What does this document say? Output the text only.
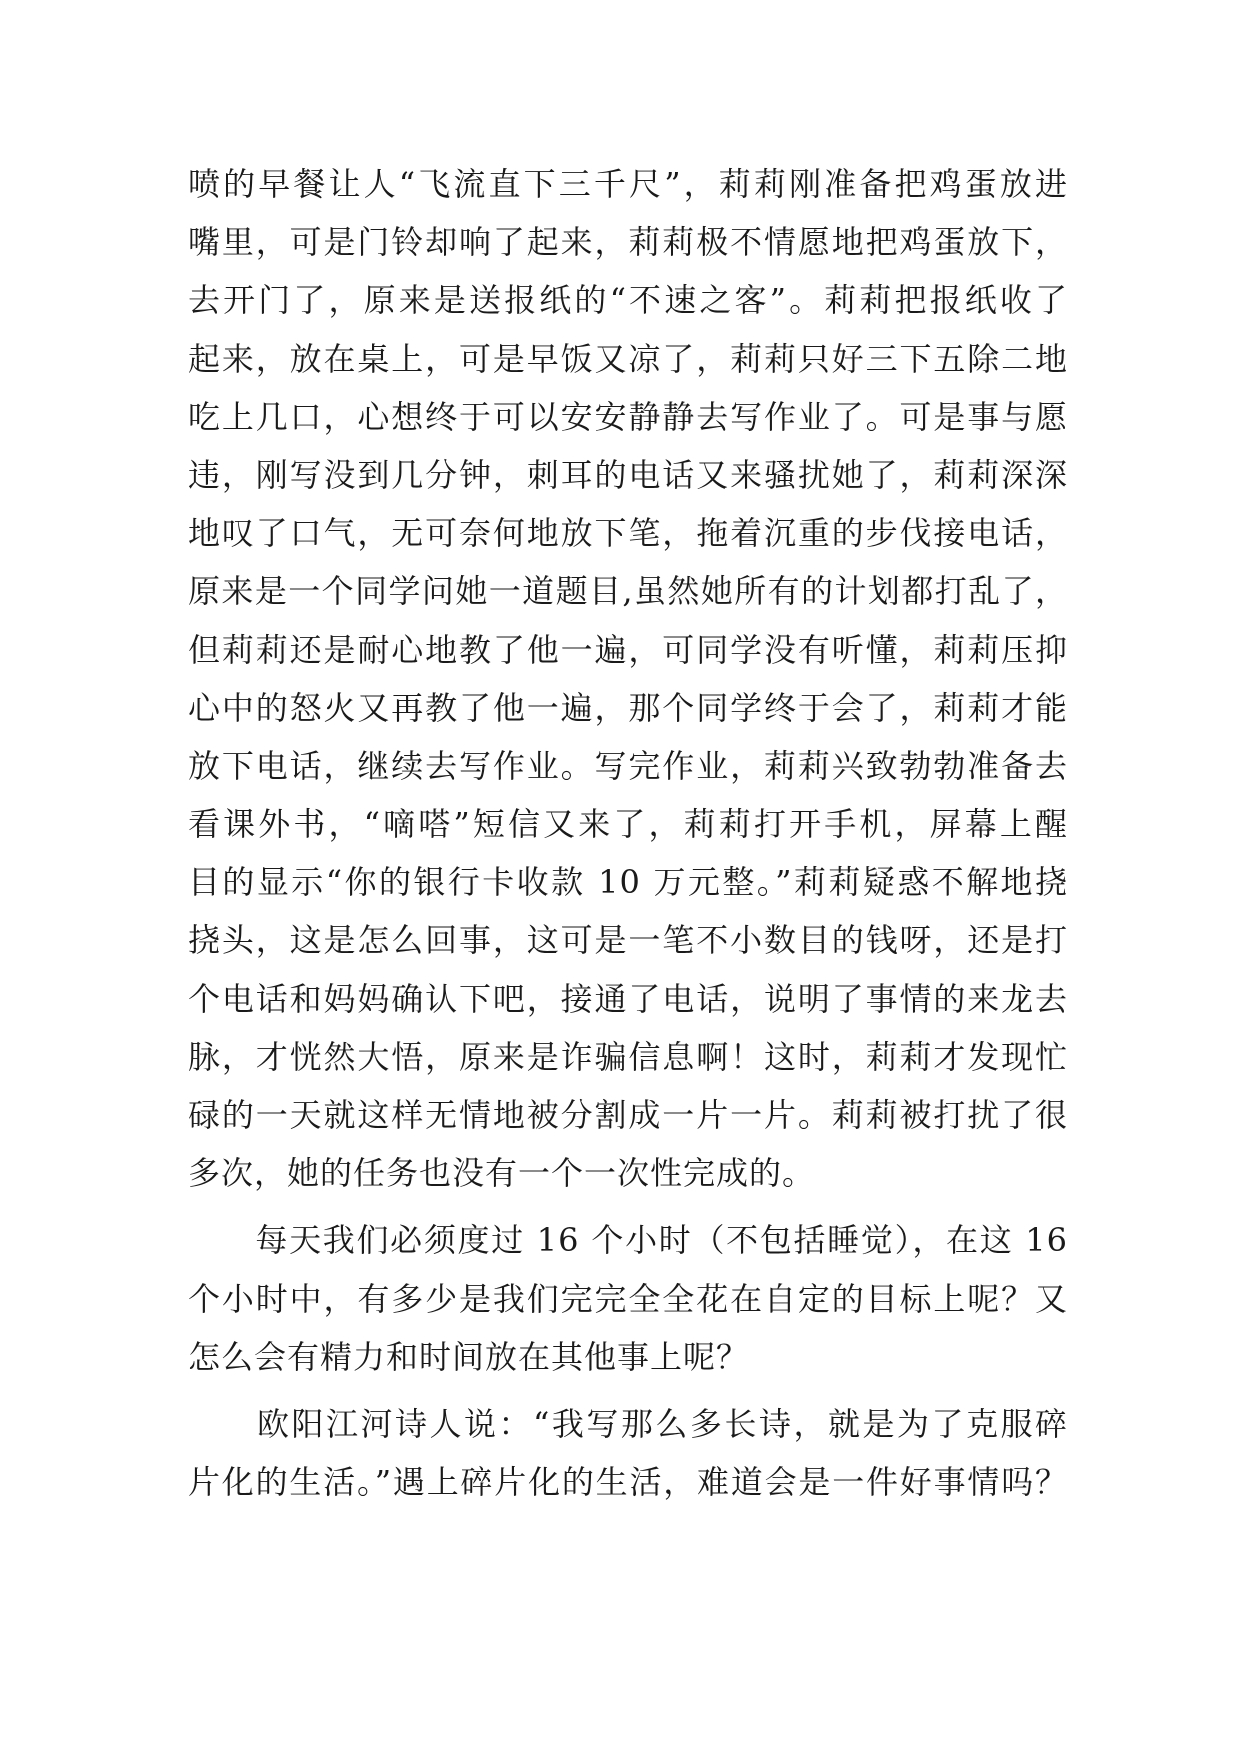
喷的早餐让人“飞流直下三千尺”，莉莉刚准备把鸡蛋放进
嘴里，可是门铃却响了起来，莉莉极不情愿地把鸡蛋放下，
去开门了，原来是送报纸的“不速之客”。莉莉把报纸收了
起来，放在桌上，可是早饭又凉了，莉莉只好三下五除二地
吃上几口，心想终于可以安安静静去写作业了。可是事与愿
违，刚写没到几分钟，刺耳的电话又来骚扰她了，莉莉深深
地叹了口气，无可奈何地放下笔，拖着沉重的步伐接电话，
原来是一个同学问她一道题目,虽然她所有的计划都打乱了，
但莉莉还是耐心地教了他一遍，可同学没有听懂，莉莉压抑
心中的怒火又再教了他一遍，那个同学终于会了，莉莉才能
放下电话，继续去写作业。写完作业，莉莉兴致勃勃准备去
看课外书，“嘀嗒”短信又来了，莉莉打开手机，屏幕上醒
目的显示“你的银行卡收款 10 万元整。”莉莉疑惑不解地挠
挠头，这是怎么回事，这可是一笔不小数目的钱呀，还是打
个电话和妈妈确认下吧，接通了电话，说明了事情的来龙去
脉，才恍然大悟，原来是诈骗信息啊！这时，莉莉才发现忙
碌的一天就这样无情地被分割成一片一片。莉莉被打扰了很
多次，她的任务也没有一个一次性完成的。
　　每天我们必须度过 16 个小时（不包括睡觉），在这 16
个小时中，有多少是我们完完全全花在自定的目标上呢？又
怎么会有精力和时间放在其他事上呢？
　　欧阳江河诗人说：“我写那么多长诗，就是为了克服碎
片化的生活。”遇上碎片化的生活，难道会是一件好事情吗？
